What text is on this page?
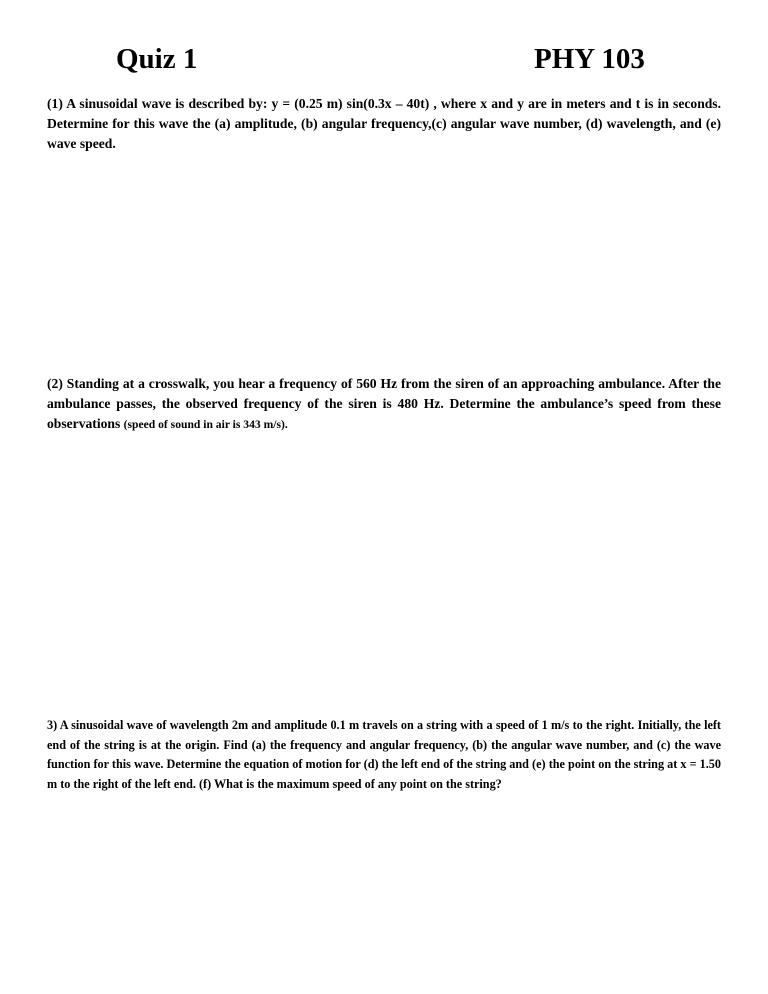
Quiz 1	PHY 103

(1) A sinusoidal wave is described by: y = (0.25 m) sin(0.3x – 40t) , where x and y are in meters and t is in seconds. Determine for this wave the (a) amplitude, (b) angular frequency,(c) angular wave number, (d) wavelength, and (e) wave speed.

(2) Standing at a crosswalk, you hear a frequency of 560 Hz from the siren of an approaching ambulance. After the ambulance passes, the observed frequency of the siren is 480 Hz. Determine the ambulance’s speed from these observations (speed of sound in air is 343 m/s).

3) A sinusoidal wave of wavelength 2m and amplitude 0.1 m travels on a string with a speed of 1 m/s to the right. Initially, the left end of the string is at the origin. Find (a) the frequency and angular frequency, (b) the angular wave number, and (c) the wave function for this wave. Determine the equation of motion for (d) the left end of the string and (e) the point on the string at x = 1.50 m to the right of the left end. (f) What is the maximum speed of any point on the string?
